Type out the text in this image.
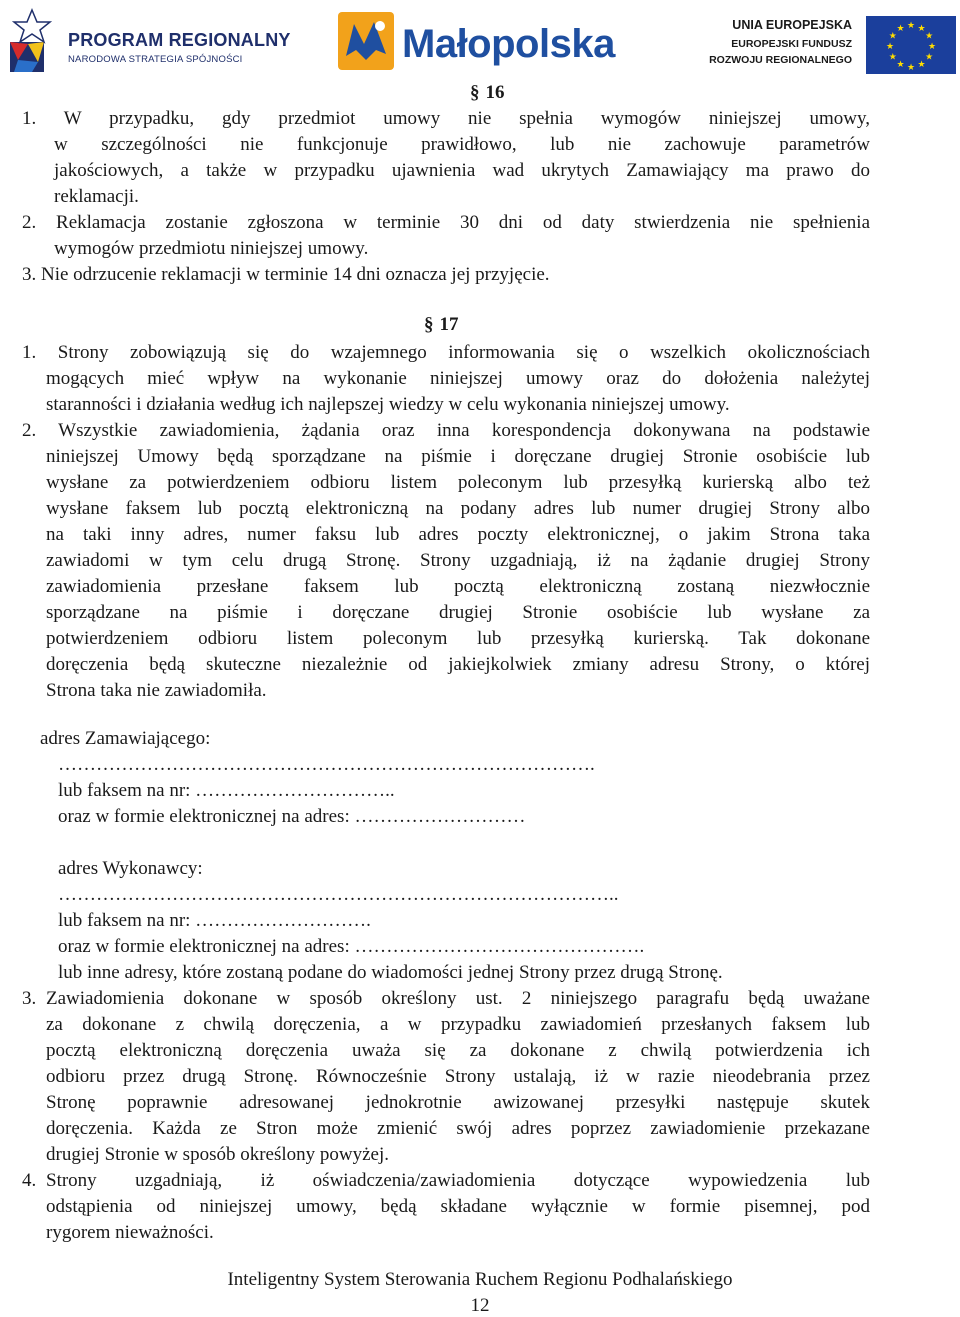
PROGRAM REGIONALNY
NARODOWA STRATEGIA SPÓJNOŚCI	Małopolska	UNIA EUROPEJSKA
EUROPEJSKI FUNDUSZ
ROZWOJU REGIONALNEGO
★ ★
★
★
★
★
★
★
★
★
★
★
§ 16
1. W przypadku, gdy przedmiot umowy nie spełnia wymogów niniejszej umowy,
w szczególności nie funkcjonuje prawidłowo, lub nie zachowuje parametrów
jakościowych, a także w przypadku ujawnienia wad ukrytych Zamawiający ma prawo do
reklamacji.
2. Reklamacja zostanie zgłoszona w terminie 30 dni od daty stwierdzenia nie spełnienia
wymogów przedmiotu niniejszej umowy.
3. Nie odrzucenie reklamacji w terminie 14 dni oznacza jej przyjęcie.
§ 17
1. Strony zobowiązują się do wzajemnego informowania się o wszelkich okolicznościach
mogących mieć wpływ na wykonanie niniejszej umowy oraz do dołożenia należytej
staranności i działania według ich najlepszej wiedzy w celu wykonania niniejszej umowy.
2. Wszystkie zawiadomienia, żądania oraz inna korespondencja dokonywana na podstawie
niniejszej Umowy będą sporządzane na piśmie i doręczane drugiej Stronie osobiście lub
wysłane za potwierdzeniem odbioru listem poleconym lub przesyłką kurierską albo też
wysłane faksem lub pocztą elektroniczną na podany adres lub numer drugiej Strony albo
na taki inny adres, numer faksu lub adres poczty elektronicznej, o jakim Strona taka
zawiadomi w tym celu drugą Stronę. Strony uzgadniają, iż na żądanie drugiej Strony
zawiadomienia przesłane faksem lub pocztą elektroniczną zostaną niezwłocznie
sporządzane na piśmie i doręczane drugiej Stronie osobiście lub wysłane za
potwierdzeniem odbioru listem poleconym lub przesyłką kurierską. Tak dokonane
doręczenia będą skuteczne niezależnie od jakiejkolwiek zmiany adresu Strony, o której
Strona taka nie zawiadomiła.
adres Zamawiającego:
………………………………………………………………………….
lub faksem na nr: …………………………..
oraz w formie elektronicznej na adres: ………………………
adres Wykonawcy:
……………………………………………………………………………..
lub faksem na nr: ……………………….
oraz w formie elektronicznej na adres: ……………………………………….
lub inne adresy, które zostaną podane do wiadomości jednej Strony przez drugą Stronę.
3. Zawiadomienia dokonane w sposób określony ust. 2 niniejszego paragrafu będą uważane
za dokonane z chwilą doręczenia, a w przypadku zawiadomień przesłanych faksem lub
pocztą elektroniczną doręczenia uważa się za dokonane z chwilą potwierdzenia ich
odbioru przez drugą Stronę. Równocześnie Strony ustalają, iż w razie nieodebrania przez
Stronę poprawnie adresowanej jednokrotnie awizowanej przesyłki następuje skutek
doręczenia. Każda ze Stron może zmienić swój adres poprzez zawiadomienie przekazane
drugiej Stronie w sposób określony powyżej.
4. Strony uzgadniają, iż oświadczenia/zawiadomienia dotyczące wypowiedzenia lub
odstąpienia od niniejszej umowy, będą składane wyłącznie w formie pisemnej, pod
rygorem nieważności.
Inteligentny System Sterowania Ruchem Regionu Podhalańskiego
12
